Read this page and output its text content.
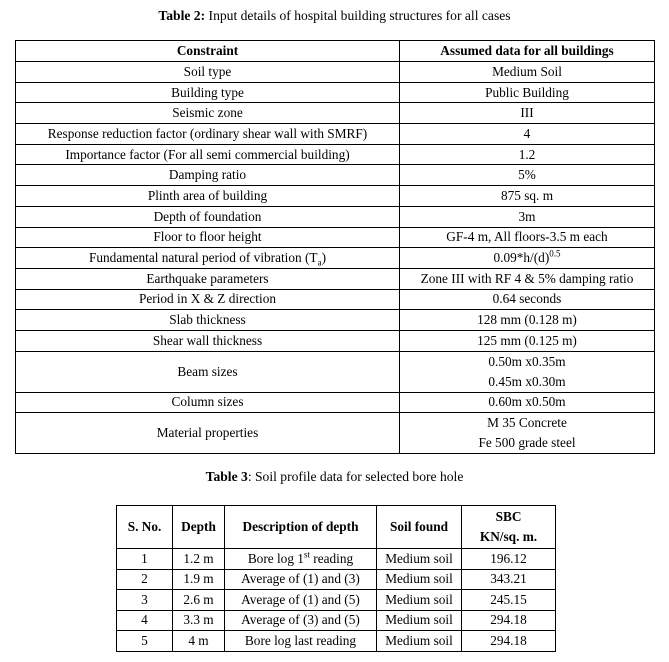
Table 2: Input details of hospital building structures for all cases
Constraint	Assumed data for all buildings
Soil type	Medium Soil
Building type	Public Building
Seismic zone	III
Response reduction factor (ordinary shear wall with SMRF)	4
Importance factor (For all semi commercial building)	1.2
Damping ratio	5%
Plinth area of building	875 sq. m
Depth of foundation	3m
Floor to floor height	GF-4 m, All floors-3.5 m each
Fundamental natural period of vibration $(T_a)$	$0.09*h/(d)^{0.5}$
Earthquake parameters	Zone III with RF 4 & 5% damping ratio
Period in X & Z direction	0.64 seconds
Slab thickness	128 mm (0.128 m)
Shear wall thickness	125 mm (0.125 m)
Beam sizes	0.50m x0.35m
0.45m x0.30m

Column sizes	0.60m x0.50m
Material properties	M 35 Concrete
Fe 500 grade steel
Table 3: Soil profile data for selected bore hole
S. No.	Depth	Description of depth	Soil found	SBC
KN/sq. m.

1	1.2 m	Bore log 1st reading	Medium soil	196.12
2	1.9 m	Average of (1) and (3)	Medium soil	343.21
3	2.6 m	Average of (1) and (5)	Medium soil	245.15
4	3.3 m	Average of (3) and (5)	Medium soil	294.18
5	4 m	Bore log last reading	Medium soil	294.18
